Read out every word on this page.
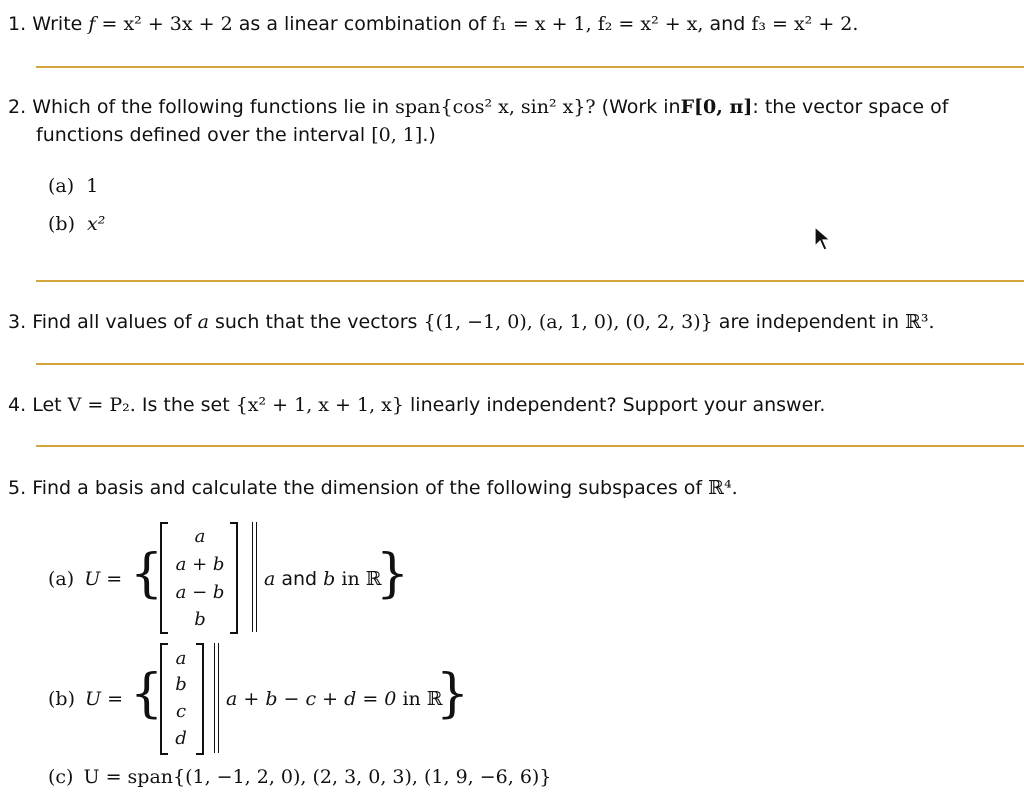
1. Write f = x² + 3x + 2 as a linear combination of f₁ = x + 1, f₂ = x² + x, and f₃ = x² + 2.
2. Which of the following functions lie in span{cos² x, sin² x}? (Work inF[0, π]: the vector space of
functions defined over the interval [0, 1].)
(a) 1
(b) x²
3. Find all values of a such that the vectors {(1, −1, 0), (a, 1, 0), (0, 2, 3)} are independent in ℝ³.
4. Let V = P₂. Is the set {x² + 1, x + 1, x} linearly independent? Support your answer.
5. Find a basis and calculate the dimension of the following subspaces of ℝ⁴.
(a) U = {
a
a + b
a − b
b
a and b in ℝ
}
(b) U = {
a
b
c
d
a + b − c + d = 0 in ℝ
}
(c) U = span{(1, −1, 2, 0), (2, 3, 0, 3), (1, 9, −6, 6)}
